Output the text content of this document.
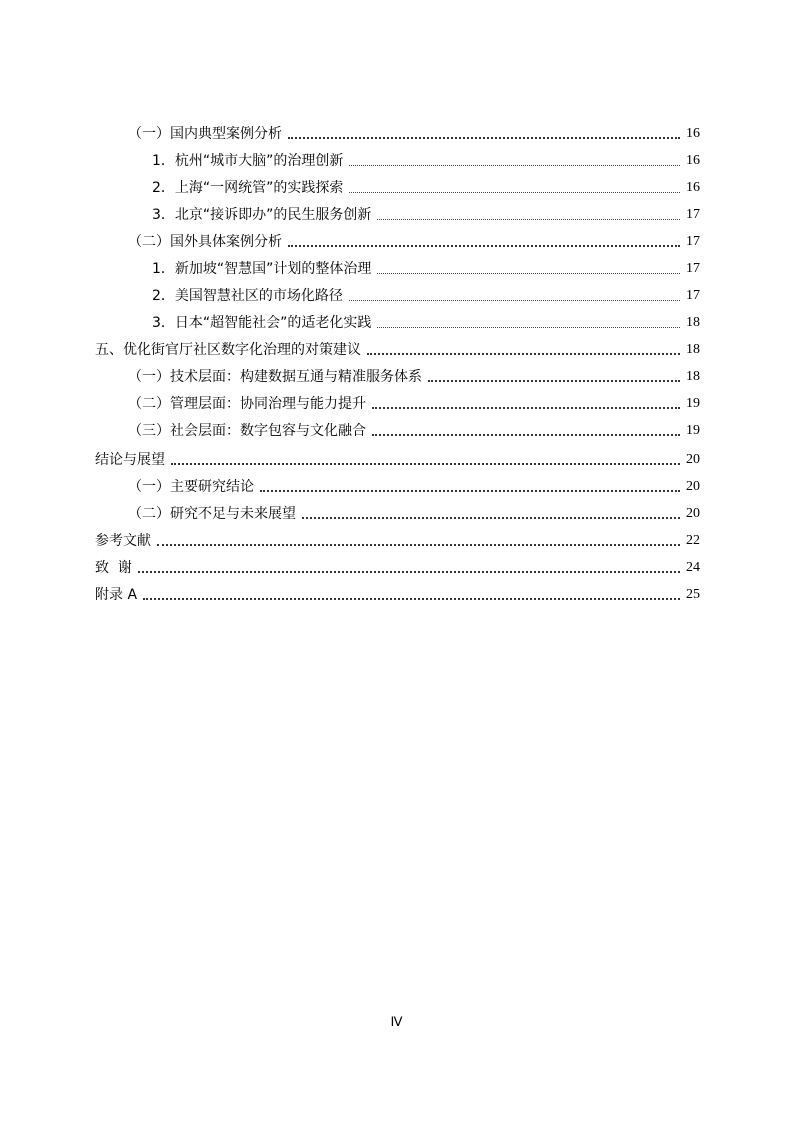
（一）国内典型案例分析	16
1．杭州“城市大脑”的治理创新	16
2．上海“一网统管”的实践探索	16
3．北京“接诉即办”的民生服务创新	17
（二）国外具体案例分析	17
1．新加坡“智慧国”计划的整体治理	17
2．美国智慧社区的市场化路径	17
3．日本“超智能社会”的适老化实践	18
五、优化街官厅社区数字化治理的对策建议	18
（一）技术层面：构建数据互通与精准服务体系	18
（二）管理层面：协同治理与能力提升	19
（三）社会层面：数字包容与文化融合	19
结论与展望	20
（一）主要研究结论	20
（二）研究不足与未来展望	20
参考文献	22
致  谢	24
附录 A	25
Ⅳ
